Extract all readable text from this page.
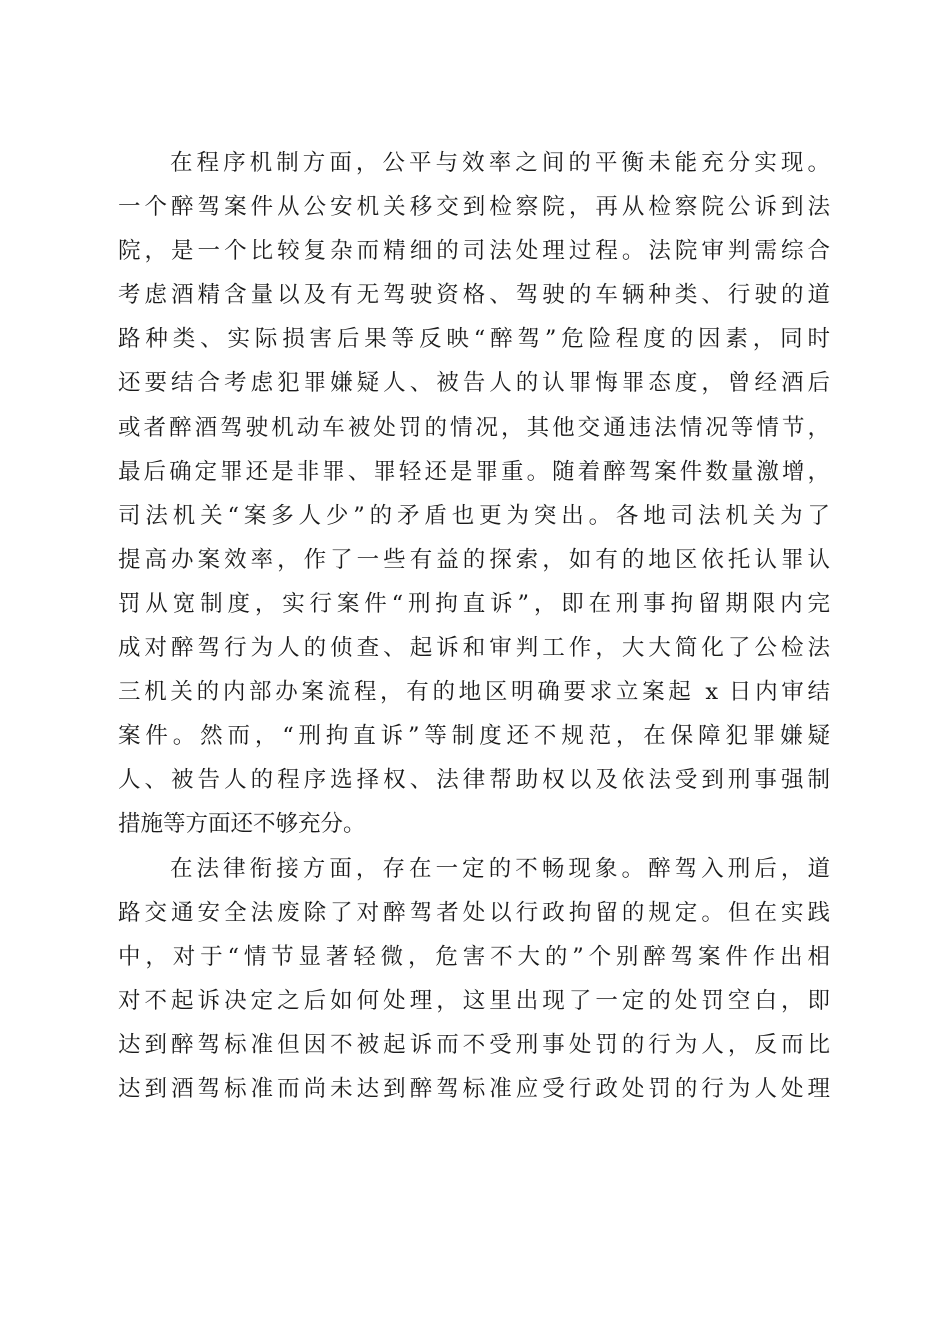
在程序机制方面，公平与效率之间的平衡未能充分实现。
一个醉驾案件从公安机关移交到检察院，再从检察院公诉到法
院，是一个比较复杂而精细的司法处理过程。法院审判需综合
考虑酒精含量以及有无驾驶资格、驾驶的车辆种类、行驶的道
路种类、实际损害后果等反映“醉驾”危险程度的因素，同时
还要结合考虑犯罪嫌疑人、被告人的认罪悔罪态度，曾经酒后
或者醉酒驾驶机动车被处罚的情况，其他交通违法情况等情节，
最后确定罪还是非罪、罪轻还是罪重。随着醉驾案件数量激增，
司法机关“案多人少”的矛盾也更为突出。各地司法机关为了
提高办案效率，作了一些有益的探索，如有的地区依托认罪认
罚从宽制度，实行案件“刑拘直诉”，即在刑事拘留期限内完
成对醉驾行为人的侦查、起诉和审判工作，大大简化了公检法
三机关的内部办案流程，有的地区明确要求立案起 x 日内审结
案件。然而，“刑拘直诉”等制度还不规范，在保障犯罪嫌疑
人、被告人的程序选择权、法律帮助权以及依法受到刑事强制
措施等方面还不够充分。
在法律衔接方面，存在一定的不畅现象。醉驾入刑后，道
路交通安全法废除了对醉驾者处以行政拘留的规定。但在实践
中，对于“情节显著轻微，危害不大的”个别醉驾案件作出相
对不起诉决定之后如何处理，这里出现了一定的处罚空白，即
达到醉驾标准但因不被起诉而不受刑事处罚的行为人，反而比
达到酒驾标准而尚未达到醉驾标准应受行政处罚的行为人处理
